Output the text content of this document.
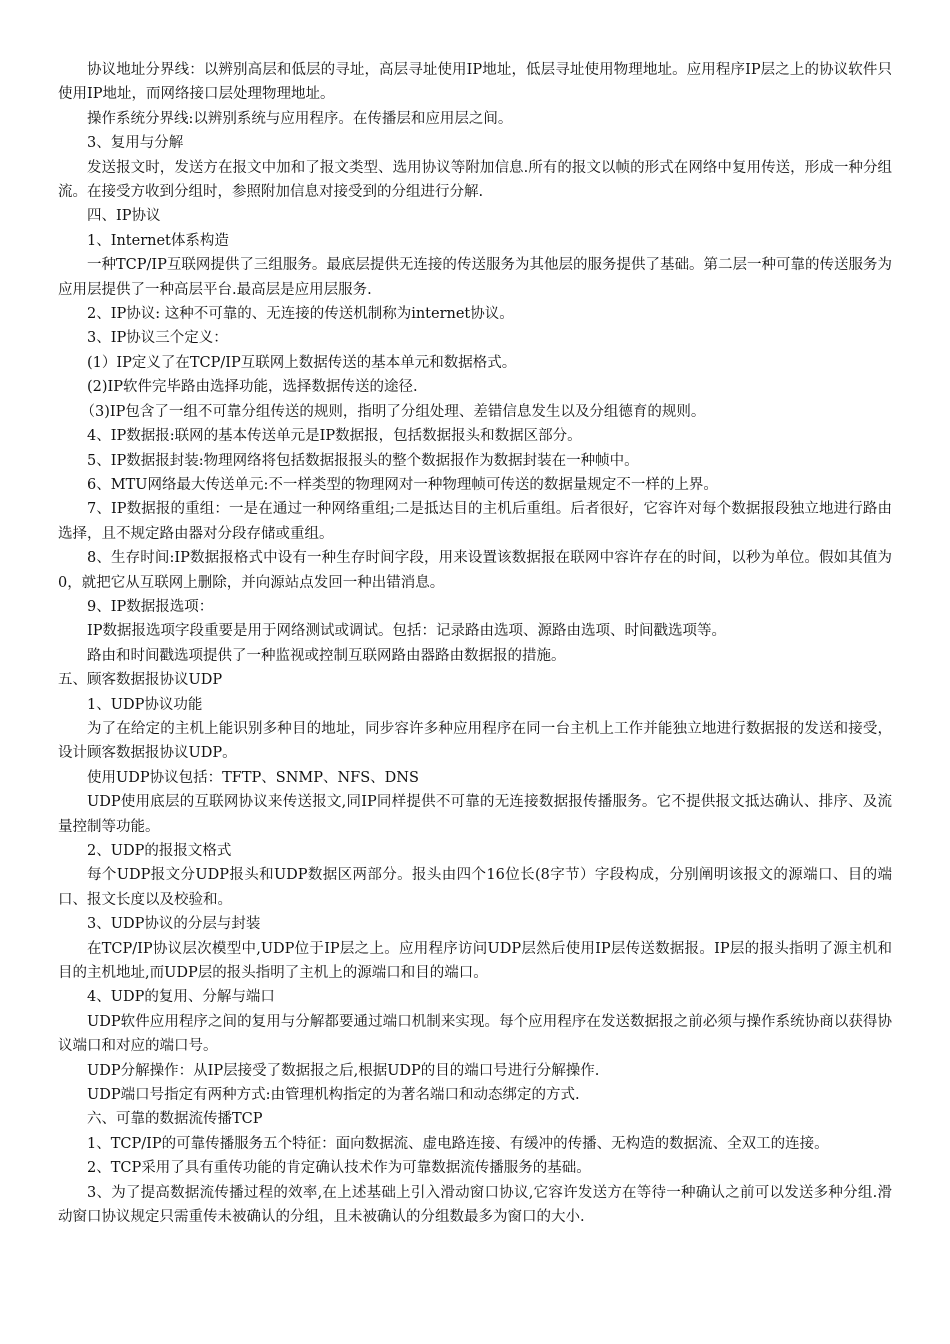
协议地址分界线：以辨别高层和低层的寻址，高层寻址使用IP地址，低层寻址使用物理地址。应用程序IP层之上的协议软件只使用IP地址，而网络接口层处理物理地址。

操作系统分界线:以辨别系统与应用程序。在传播层和应用层之间。

3、复用与分解

发送报文时，发送方在报文中加和了报文类型、选用协议等附加信息.所有的报文以帧的形式在网络中复用传送，形成一种分组流。在接受方收到分组时，参照附加信息对接受到的分组进行分解.

四、IP协议

1、Internet体系构造

一种TCP/IP互联网提供了三组服务。最底层提供无连接的传送服务为其他层的服务提供了基础。第二层一种可靠的传送服务为应用层提供了一种高层平台.最高层是应用层服务.

2、IP协议: 这种不可靠的、无连接的传送机制称为internet协议。

3、IP协议三个定义：

(1）IP定义了在TCP/IP互联网上数据传送的基本单元和数据格式。

(2)IP软件完毕路由选择功能，选择数据传送的途径.

（3)IP包含了一组不可靠分组传送的规则，指明了分组处理、差错信息发生以及分组德育的规则。

4、IP数据报:联网的基本传送单元是IP数据报，包括数据报头和数据区部分。

5、IP数据报封装:物理网络将包括数据报报头的整个数据报作为数据封装在一种帧中。

6、MTU网络最大传送单元:不一样类型的物理网对一种物理帧可传送的数据量规定不一样的上界。

7、IP数据报的重组：一是在通过一种网络重组;二是抵达目的主机后重组。后者很好，它容许对每个数据报段独立地进行路由选择，且不规定路由器对分段存储或重组。

8、生存时间:IP数据报格式中设有一种生存时间字段，用来设置该数据报在联网中容许存在的时间，以秒为单位。假如其值为0，就把它从互联网上删除，并向源站点发回一种出错消息。

9、IP数据报选项：

IP数据报选项字段重要是用于网络测试或调试。包括：记录路由选项、源路由选项、时间戳选项等。

路由和时间戳选项提供了一种监视或控制互联网路由器路由数据报的措施。

五、顾客数据报协议UDP

1、UDP协议功能

为了在给定的主机上能识别多种目的地址，同步容许多种应用程序在同一台主机上工作并能独立地进行数据报的发送和接受，设计顾客数据报协议UDP。

使用UDP协议包括：TFTP、SNMP、NFS、DNS

UDP使用底层的互联网协议来传送报文,同IP同样提供不可靠的无连接数据报传播服务。它不提供报文抵达确认、排序、及流量控制等功能。

2、UDP的报报文格式

每个UDP报文分UDP报头和UDP数据区两部分。报头由四个16位长(8字节）字段构成，分别阐明该报文的源端口、目的端口、报文长度以及校验和。

3、UDP协议的分层与封装

在TCP/IP协议层次模型中,UDP位于IP层之上。应用程序访问UDP层然后使用IP层传送数据报。IP层的报头指明了源主机和目的主机地址,而UDP层的报头指明了主机上的源端口和目的端口。

4、UDP的复用、分解与端口

UDP软件应用程序之间的复用与分解都要通过端口机制来实现。每个应用程序在发送数据报之前必须与操作系统协商以获得协议端口和对应的端口号。

UDP分解操作：从IP层接受了数据报之后,根据UDP的目的端口号进行分解操作.

UDP端口号指定有两种方式:由管理机构指定的为著名端口和动态绑定的方式.

六、可靠的数据流传播TCP

1、TCP/IP的可靠传播服务五个特征：面向数据流、虚电路连接、有缓冲的传播、无构造的数据流、全双工的连接。

2、TCP采用了具有重传功能的肯定确认技术作为可靠数据流传播服务的基础。

3、为了提高数据流传播过程的效率,在上述基础上引入滑动窗口协议,它容许发送方在等待一种确认之前可以发送多种分组.滑动窗口协议规定只需重传未被确认的分组，且未被确认的分组数最多为窗口的大小.
